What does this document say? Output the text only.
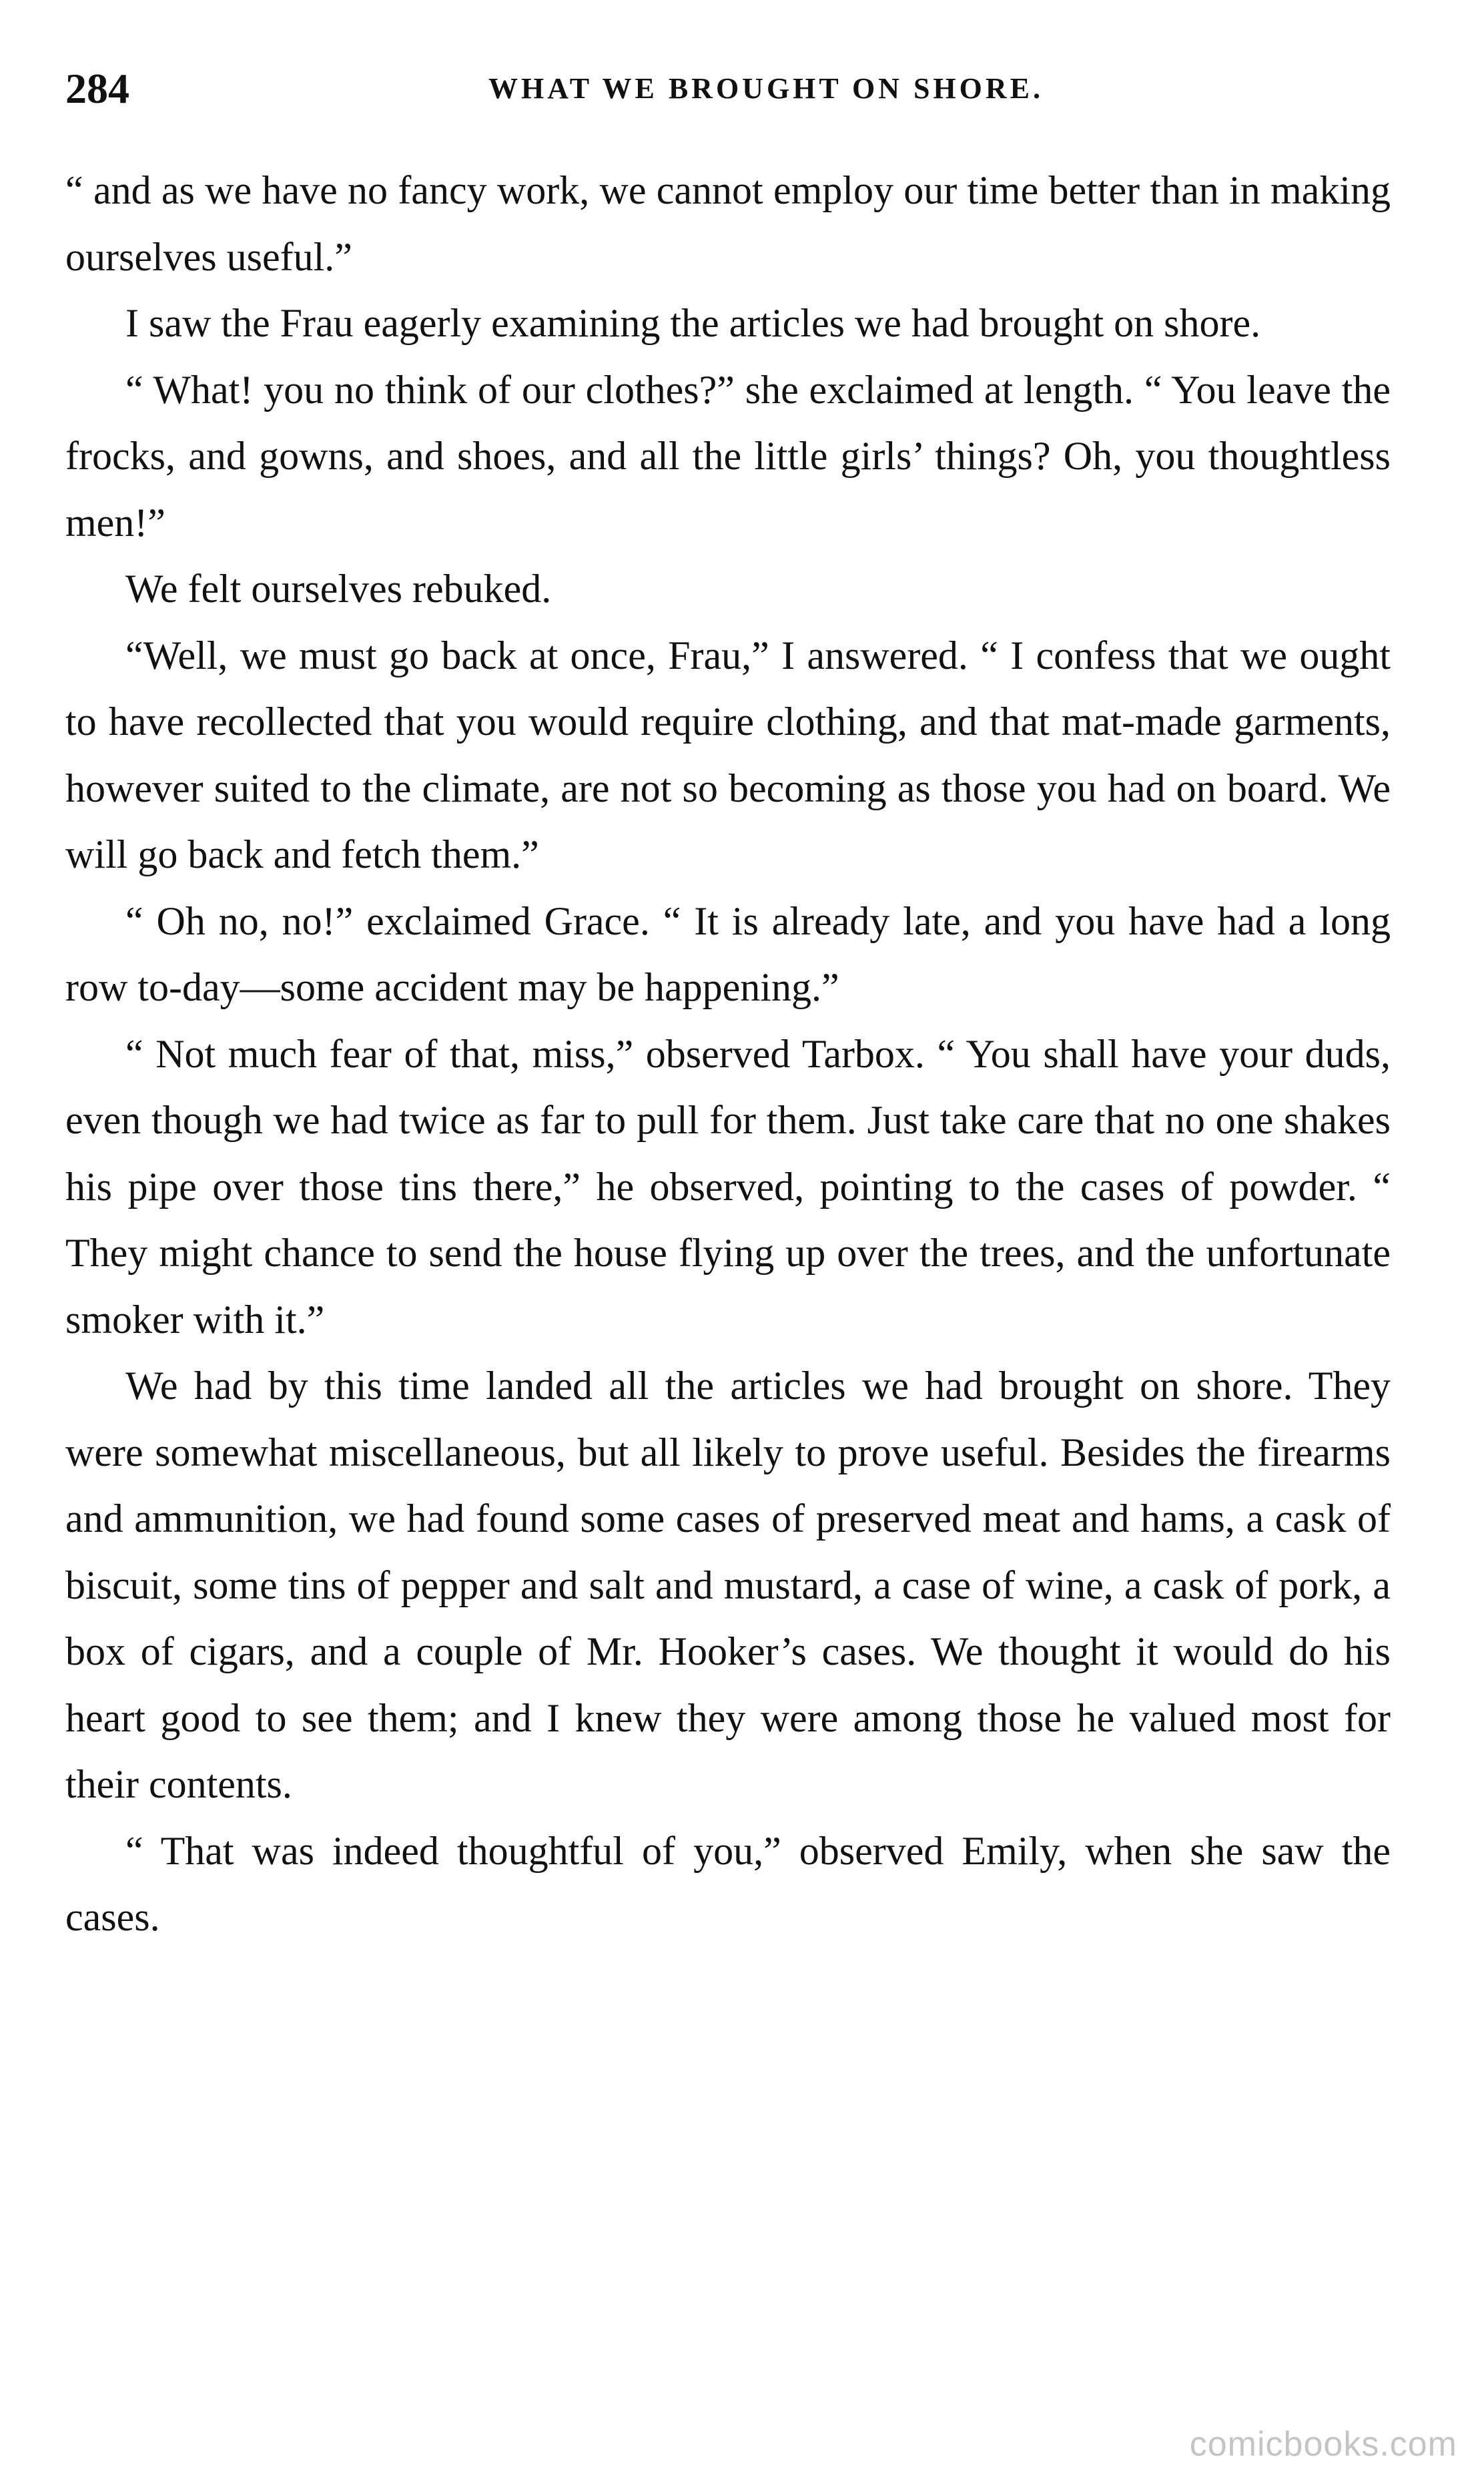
284	WHAT WE BROUGHT ON SHORE.

“ and as we have no fancy work, we cannot employ our time better than in making ourselves useful.”

I saw the Frau eagerly examining the articles we had brought on shore.

“ What! you no think of our clothes?” she exclaimed at length. “ You leave the frocks, and gowns, and shoes, and all the little girls’ things? Oh, you thoughtless men!”

We felt ourselves rebuked.

“Well, we must go back at once, Frau,” I answered. “ I confess that we ought to have recollected that you would require clothing, and that mat-made garments, however suited to the climate, are not so becoming as those you had on board. We will go back and fetch them.”

“ Oh no, no!” exclaimed Grace. “ It is already late, and you have had a long row to-day—some accident may be happening.”

“ Not much fear of that, miss,” observed Tarbox. “ You shall have your duds, even though we had twice as far to pull for them. Just take care that no one shakes his pipe over those tins there,” he observed, pointing to the cases of powder. “ They might chance to send the house flying up over the trees, and the unfortunate smoker with it.”

We had by this time landed all the articles we had brought on shore. They were somewhat miscellaneous, but all likely to prove useful. Besides the firearms and ammunition, we had found some cases of preserved meat and hams, a cask of biscuit, some tins of pepper and salt and mustard, a case of wine, a cask of pork, a box of cigars, and a couple of Mr. Hooker’s cases. We thought it would do his heart good to see them; and I knew they were among those he valued most for their contents.

“ That was indeed thoughtful of you,” observed Emily, when she saw the cases.

comicbooks.com
